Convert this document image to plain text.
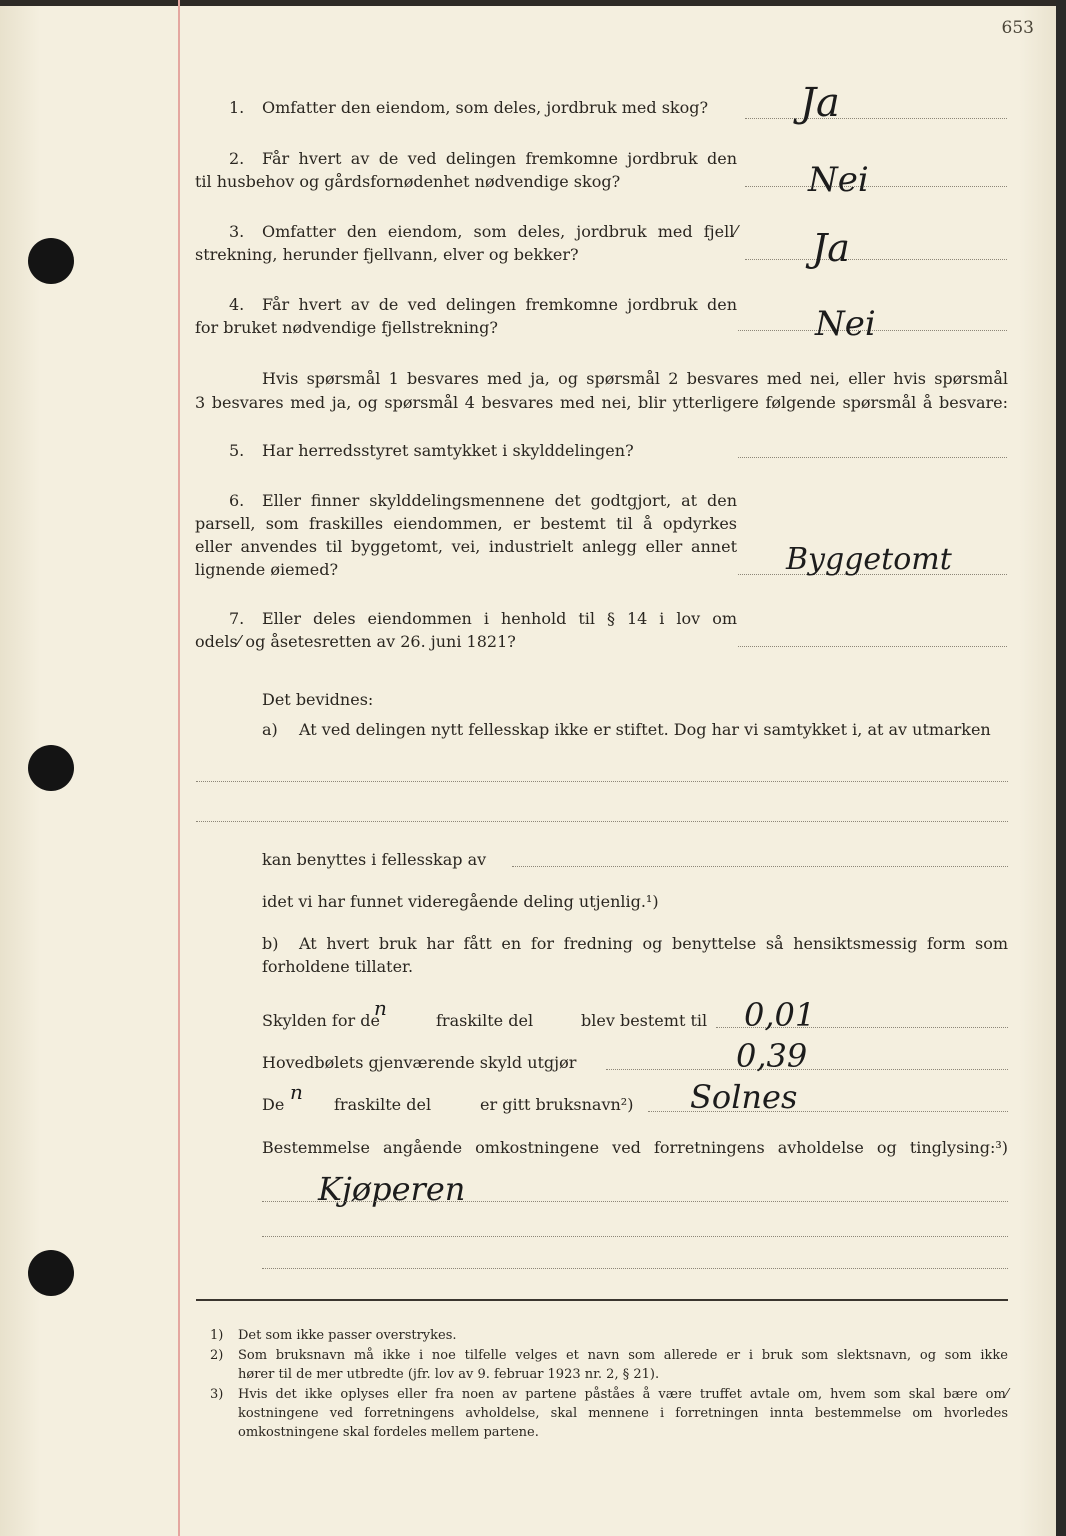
653
1. Omfatter den eiendom, som deles, jordbruk med skog? Ja
2. Får hvert av de ved delingen fremkomne jordbruk den
til husbehov og gårdsfornødenhet nødvendige skog?	Nei
3. Omfatter den eiendom, som deles, jordbruk med fjell⁄
strekning, herunder fjellvann, elver og bekker?	Ja
4. Får hvert av de ved delingen fremkomne jordbruk den
for bruket nødvendige fjellstrekning?	Nei
Hvis spørsmål 1 besvares med ja, og spørsmål 2 besvares med nei, eller hvis spørsmål
3 besvares med ja, og spørsmål 4 besvares med nei, blir ytterligere følgende spørsmål å besvare:
5. Har herredsstyret samtykket i skylddelingen?
6. Eller finner skylddelingsmennene det godtgjort, at den
parsell, som fraskilles eiendommen, er bestemt til å opdyrkes
eller anvendes til byggetomt, vei, industrielt anlegg eller annet
lignende øiemed?	Byggetomt
7. Eller deles eiendommen i henhold til § 14 i lov om
odels⁄ og åsetesretten av 26. juni 1821?
Det bevidnes:
a) At ved delingen nytt fellesskap ikke er stiftet. Dog har vi samtykket i, at av utmarken
kan benyttes i fellesskap av
idet vi har funnet videregående deling utjenlig.¹)
b) At hvert bruk har fått en for fredning og benyttelse så hensiktsmessig form som
forholdene tillater.
Skylden for de
n
fraskilte del	blev bestemt til 0,01
Hovedbølets gjenværende skyld utgjør	0,39
De
n
fraskilte del	er gitt bruksnavn²) Solnes
Bestemmelse angående omkostningene ved forretningens avholdelse og tinglysing:³)
Kjøperen
1) Det som ikke passer overstrykes.
2) Som bruksnavn må ikke i noe tilfelle velges et navn som allerede er i bruk som slektsnavn, og som ikke
hører til de mer utbredte (jfr. lov av 9. februar 1923 nr. 2, § 21).
3) Hvis det ikke oplyses eller fra noen av partene påståes å være truffet avtale om, hvem som skal bære om⁄
kostningene ved forretningens avholdelse, skal mennene i forretningen innta bestemmelse om hvorledes
omkostningene skal fordeles mellem partene.
